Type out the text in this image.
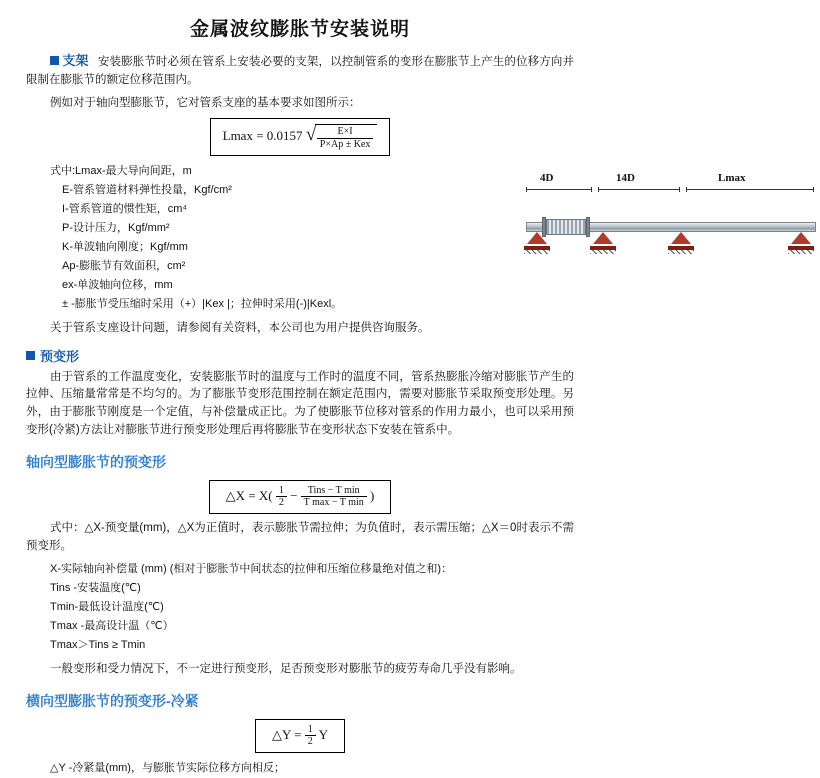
金属波纹膨胀节安装说明

支架 安装膨胀节时必须在管系上安装必要的支架，以控制管系的变形在膨胀节上产生的位移方向并限制在膨胀节的额定位移范围内。

例如对于轴向型膨胀节，它对管系支座的基本要求如图所示：

Lmax = 0.0157 √ $\frac{E\times I}{\text{P×Ap ± Kex}}$
式中:Lmax-最大导向间距，m
E-管系管道材料弹性投量，Kgf/cm²
I-管系管道的惯性矩，cm⁴
P-设计压力，Kgf/mm²
K-单波轴向刚度；Kgf/mm
Ap-膨胀节有效面积，cm²
ex-单波轴向位移，mm
± -膨胀节受压缩时采用（+）|Kex |；拉伸时采用(-)|Kexl。
4D	14D	Lmax

关于管系支座设计问题，请参阅有关资料，本公司也为用户提供咨询服务。

预变形

由于管系的工作温度变化，安装膨胀节时的温度与工作时的温度不同，管系热膨胀冷缩对膨胀节产生的拉伸、压缩量常常是不均匀的。为了膨胀节变形范围控制在额定范围内，需要对膨胀节采取预变形处理。另外，由于膨胀节刚度是一个定值，与补偿量成正比。为了使膨胀节位移对管系的作用力最小，也可以采用预变形(冷紧)方法让对膨胀节进行预变形处理后再将膨胀节在变形状态下安装在管系中。

轴向型膨胀节的预变形
△X = $X( \frac{1}{2} - \frac{\text{Tins − T min}}{\text{T max − T min}}$ )

式中：△X-预变量(mm)，△X为正值时，表示膨胀节需拉伸；为负值时，表示需压缩；△X＝0时表示不需预变形。

X-实际轴向补偿量 (mm) (相对于膨胀节中间状态的拉伸和压缩位移量绝对值之和)：
Tins -安装温度(℃)
Tmin-最低设计温度(℃)
Tmax -最高设计温（℃）
Tmax＞Tins ≥ Tmin

一般变形和受力情况下，不一定进行预变形，足否预变形对膨胀节的疲劳寿命几乎没有影响。

横向型膨胀节的预变形-冷紧
△Y = $\frac{1}{2}$ Y
△Y -冷紧量(mm)，与膨胀节实际位移方向相反；
